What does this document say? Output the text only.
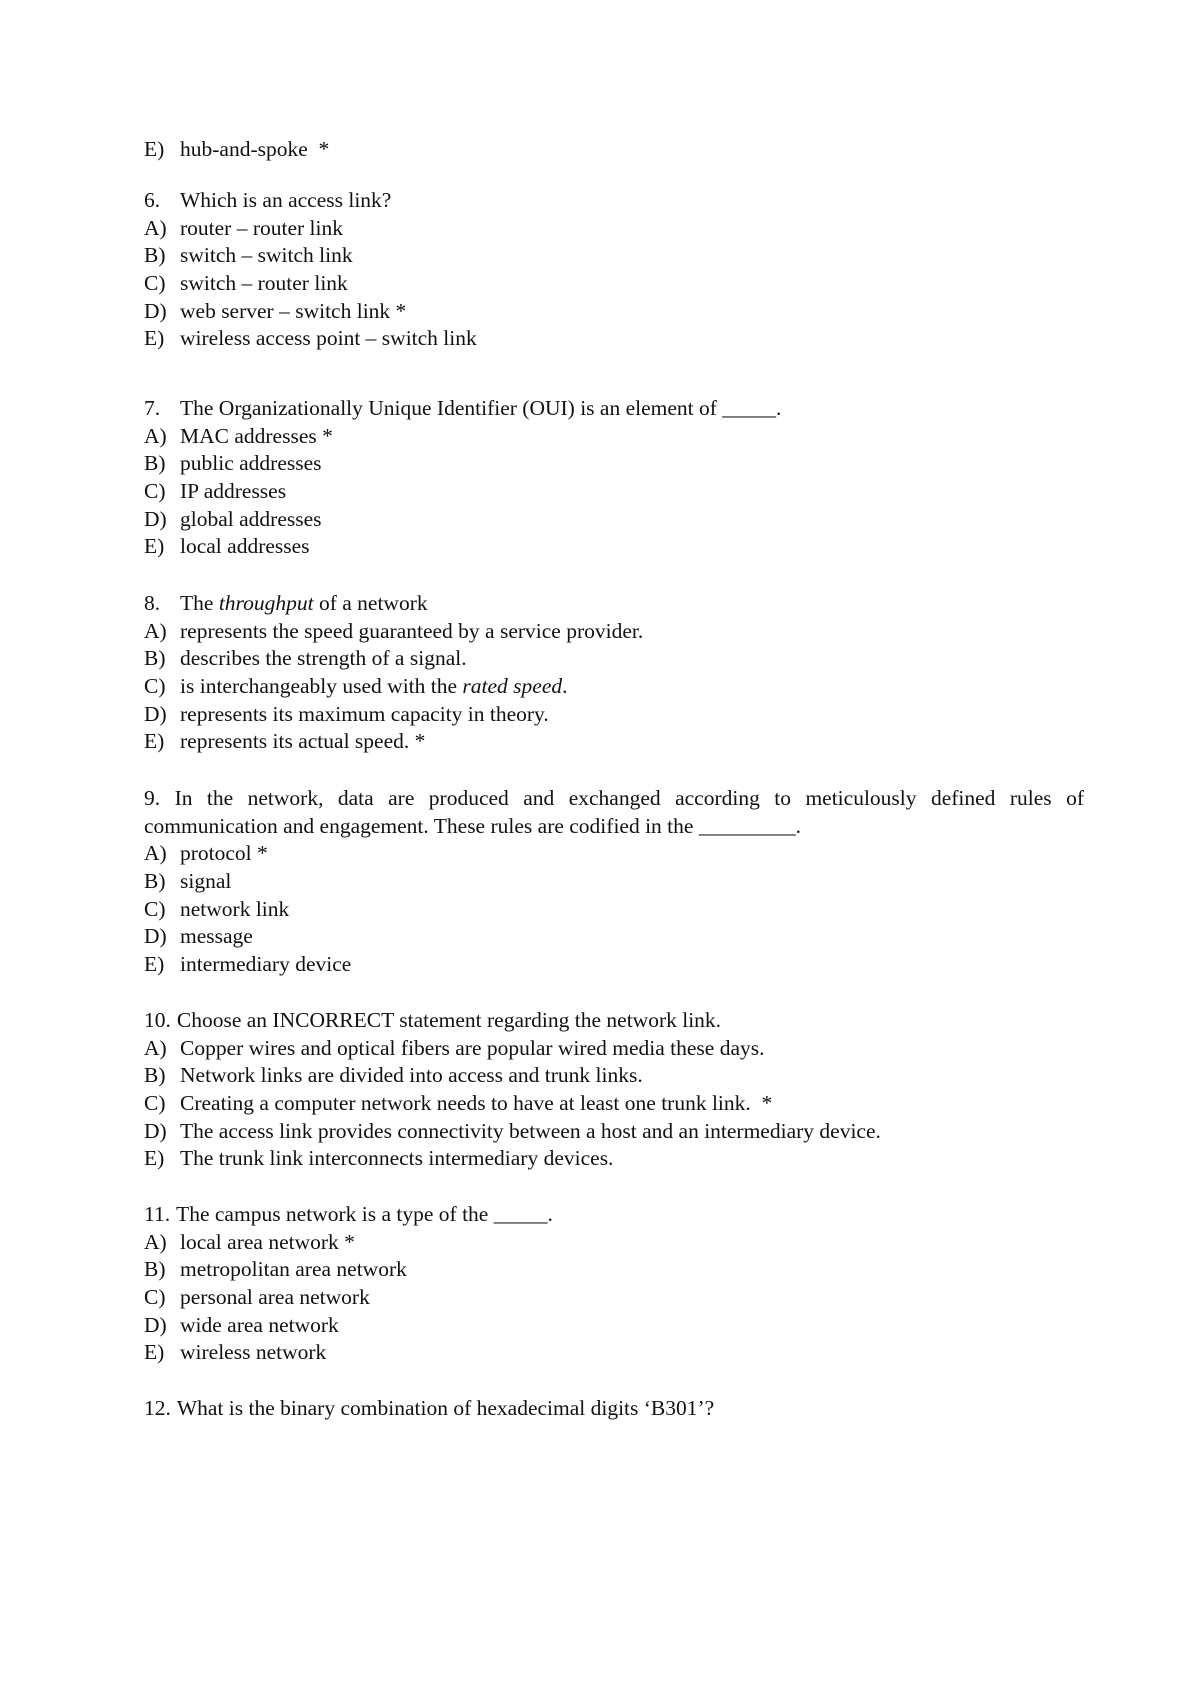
E) hub-and-spoke  *
6. Which is an access link?
A) router – router link
B) switch – switch link
C) switch – router link
D) web server – switch link *
E) wireless access point – switch link
7. The Organizationally Unique Identifier (OUI) is an element of _____.
A) MAC addresses *
B) public addresses
C) IP addresses
D) global addresses
E) local addresses
8. The throughput of a network
A) represents the speed guaranteed by a service provider.
B) describes the strength of a signal.
C) is interchangeably used with the rated speed.
D) represents its maximum capacity in theory.
E) represents its actual speed. *
9. In the network, data are produced and exchanged according to meticulously defined rules of communication and engagement. These rules are codified in the _________.
A) protocol *
B) signal
C) network link
D) message
E) intermediary device
10. Choose an INCORRECT statement regarding the network link.
A) Copper wires and optical fibers are popular wired media these days.
B) Network links are divided into access and trunk links.
C) Creating a computer network needs to have at least one trunk link.  *
D) The access link provides connectivity between a host and an intermediary device.
E) The trunk link interconnects intermediary devices.
11. The campus network is a type of the _____.
A) local area network *
B) metropolitan area network
C) personal area network
D) wide area network
E) wireless network
12. What is the binary combination of hexadecimal digits ‘B301’?
